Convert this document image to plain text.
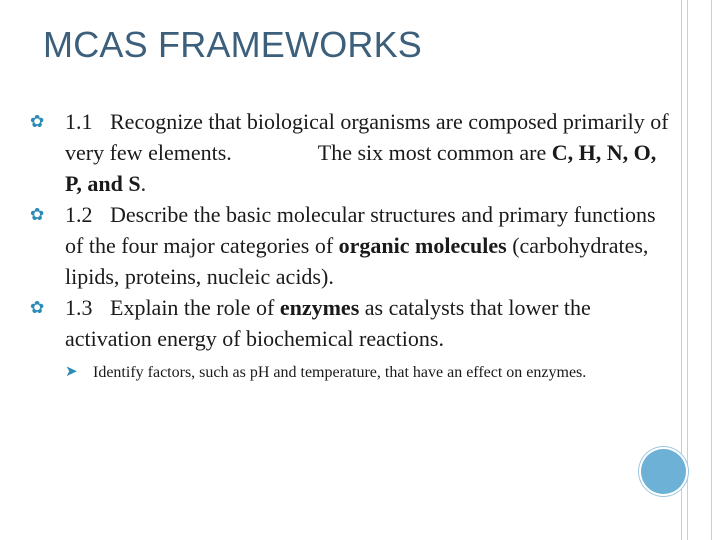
MCAS FRAMEWORKS
✿ 1.1 Recognize that biological organisms are composed primarily of very few elements.	The six most common are C, H, N, O, P, and S.
✿ 1.2 Describe the basic molecular structures and primary functions of the four major categories of organic molecules (carbohydrates, lipids, proteins, nucleic acids).
✿ 1.3 Explain the role of enzymes as catalysts that lower the activation energy of biochemical reactions.
➤ Identify factors, such as pH and temperature, that have an effect on enzymes.
